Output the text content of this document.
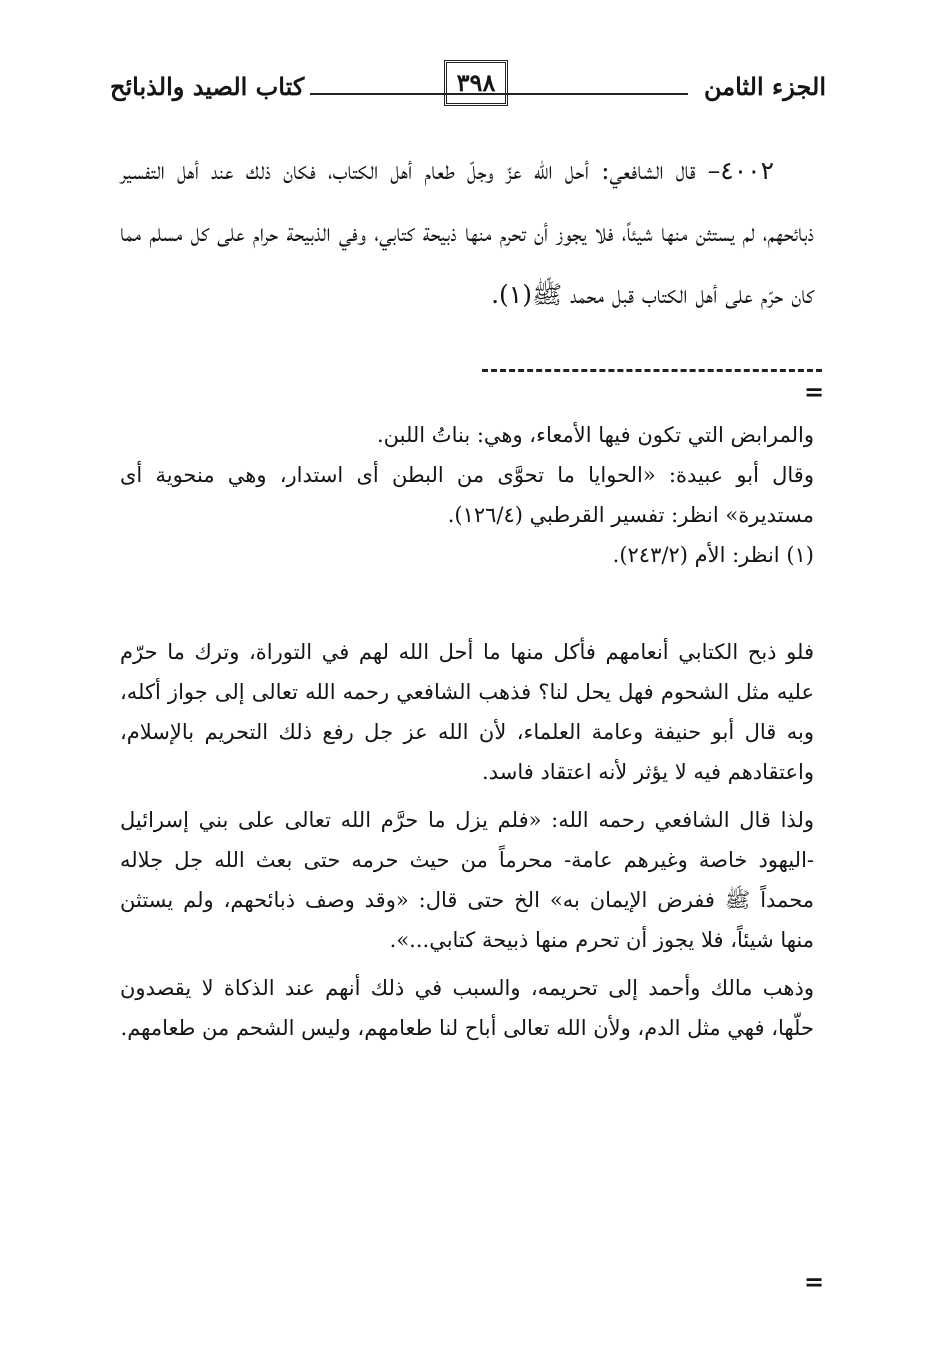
الجزء الثامن
٣٩٨
كتاب الصيد والذبائح

٤٠٠٢– قال الشافعي: أحل الله عزّ وجلّ طعام أهل الكتاب، فكان ذلك عند أهل التفسير ذبائحهم، لم يستثن منها شيئاً، فلا يجوز أن تحرم منها ذبيحة كتابي، وفي الذبيحة حرام على كل مسلم مما كان حرّم على أهل الكتاب قبل محمد ﷺ(١).

=

والمرابض التي تكون فيها الأمعاء، وهي: بناتُ اللبن.

وقال أبو عبيدة: «الحوايا ما تحوَّى من البطن أى استدار، وهي منحوية أى مستديرة» انظر: تفسير القرطبي (١٢٦/٤).

(١) انظر: الأم (٢٤٣/٢).

فلو ذبح الكتابي أنعامهم فأكل منها ما أحل الله لهم في التوراة، وترك ما حرّم عليه مثل الشحوم فهل يحل لنا؟ فذهب الشافعي رحمه الله تعالى إلى جواز أكله، وبه قال أبو حنيفة وعامة العلماء، لأن الله عز جل رفع ذلك التحريم بالإسلام، واعتقادهم فيه لا يؤثر لأنه اعتقاد فاسد.

ولذا قال الشافعي رحمه الله: «فلم يزل ما حرَّم الله تعالى على بني إسرائيل -اليهود خاصة وغيرهم عامة- محرماً من حيث حرمه حتى بعث الله جل جلاله محمداً ﷺ ففرض الإيمان به» الخ حتى قال: «وقد وصف ذبائحهم، ولم يستثن منها شيئاً، فلا يجوز أن تحرم منها ذبيحة كتابي...».

وذهب مالك وأحمد إلى تحريمه، والسبب في ذلك أنهم عند الذكاة لا يقصدون حلّها، فهي مثل الدم، ولأن الله تعالى أباح لنا طعامهم، وليس الشحم من طعامهم.

=
